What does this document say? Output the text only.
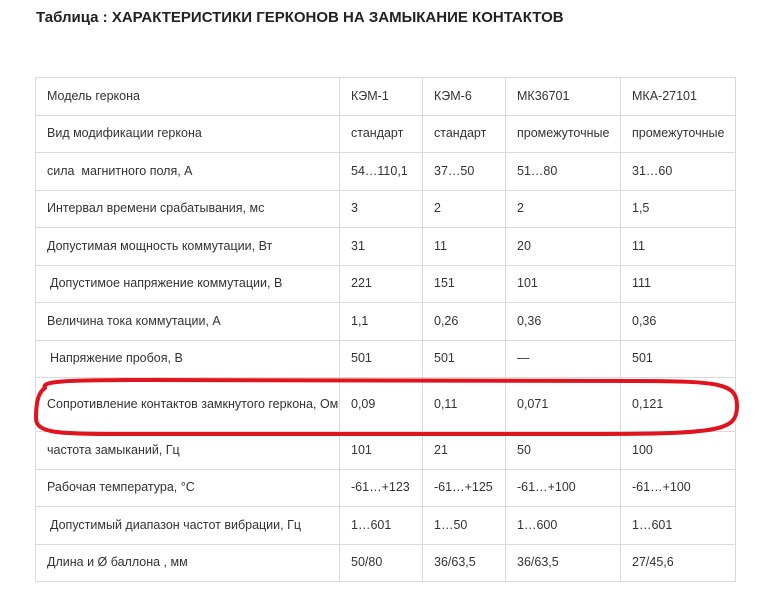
Таблица : ХАРАКТЕРИСТИКИ ГЕРКОНОВ НА ЗАМЫКАНИЕ КОНТАКТОВ
Модель геркона	КЭМ-1	КЭМ-6	МК36701	МКА-27101
Вид модификации геркона	стандарт	стандарт	промежуточные	промежуточные
сила  магнитного поля, А	54…110,1	37…50	51…80	31…60
Интервал времени срабатывания, мс	3	2	2	1,5
Допустимая мощность коммутации, Вт	31	11	20	11
Допустимое напряжение коммутации, В	221	151	101	111
Величина тока коммутации, А	1,1	0,26	0,36	0,36
Напряжение пробоя, В	501	501	—	501
Сопротивление контактов замкнутого геркона, Ом	0,09	0,11	0,071	0,121
частота замыканий, Гц	101	21	50	100
Рабочая температура, °С	-61…+123	-61…+125	-61…+100	-61…+100
Допустимый диапазон частот вибрации, Гц	1…601	1…50	1…600	1…601
Длина и Ø баллона , мм	50/80	36/63,5	36/63,5	27/45,6
